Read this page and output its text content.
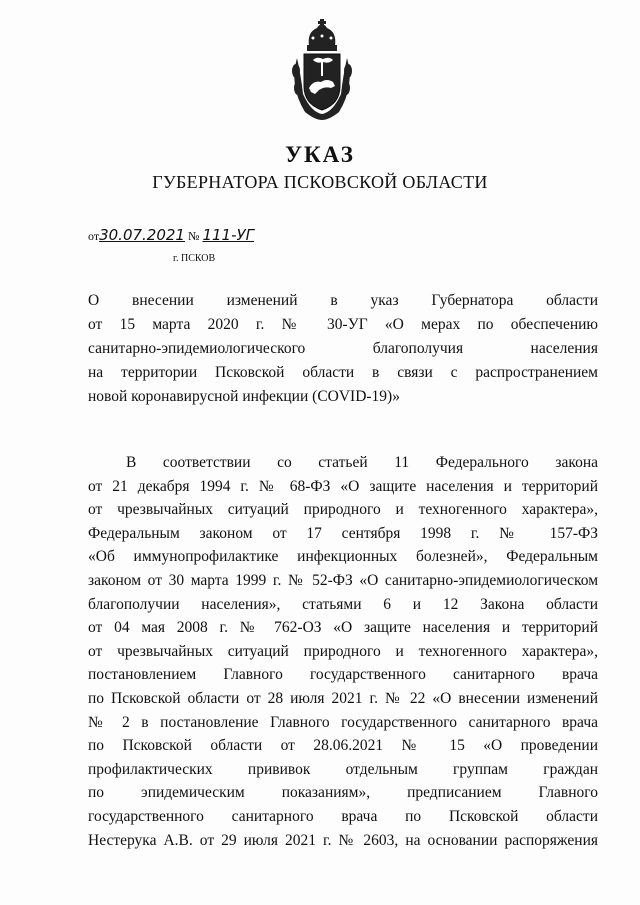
УКАЗ
ГУБЕРНАТОРА ПСКОВСКОЙ ОБЛАСТИ
от30.07.2021 № 111-УГ
г. ПСКОВ
О внесении изменений в указ Губернатора области
от 15 марта 2020 г. № 30-УГ «О мерах по обеспечению
санитарно-эпидемиологического благополучия населения
на территории Псковской области в связи с распространением
новой коронавирусной инфекции (COVID-19)»
В соответствии со статьей 11 Федерального закона
от 21 декабря 1994 г. № 68-ФЗ «О защите населения и территорий
от чрезвычайных ситуаций природного и техногенного характера»,
Федеральным законом от 17 сентября 1998 г. № 157-ФЗ
«Об иммунопрофилактике инфекционных болезней», Федеральным
законом от 30 марта 1999 г. № 52-ФЗ «О санитарно-эпидемиологическом
благополучии населения», статьями 6 и 12 Закона области
от 04 мая 2008 г. № 762-ОЗ «О защите населения и территорий
от чрезвычайных ситуаций природного и техногенного характера»,
постановлением Главного государственного санитарного врача
по Псковской области от 28 июля 2021 г. № 22 «О внесении изменений
№ 2 в постановление Главного государственного санитарного врача
по Псковской области от 28.06.2021 № 15 «О проведении
профилактических прививок отдельным группам граждан
по эпидемическим показаниям», предписанием Главного
государственного санитарного врача по Псковской области
Нестерука А.В. от 29 июля 2021 г. № 2603, на основании распоряжения
